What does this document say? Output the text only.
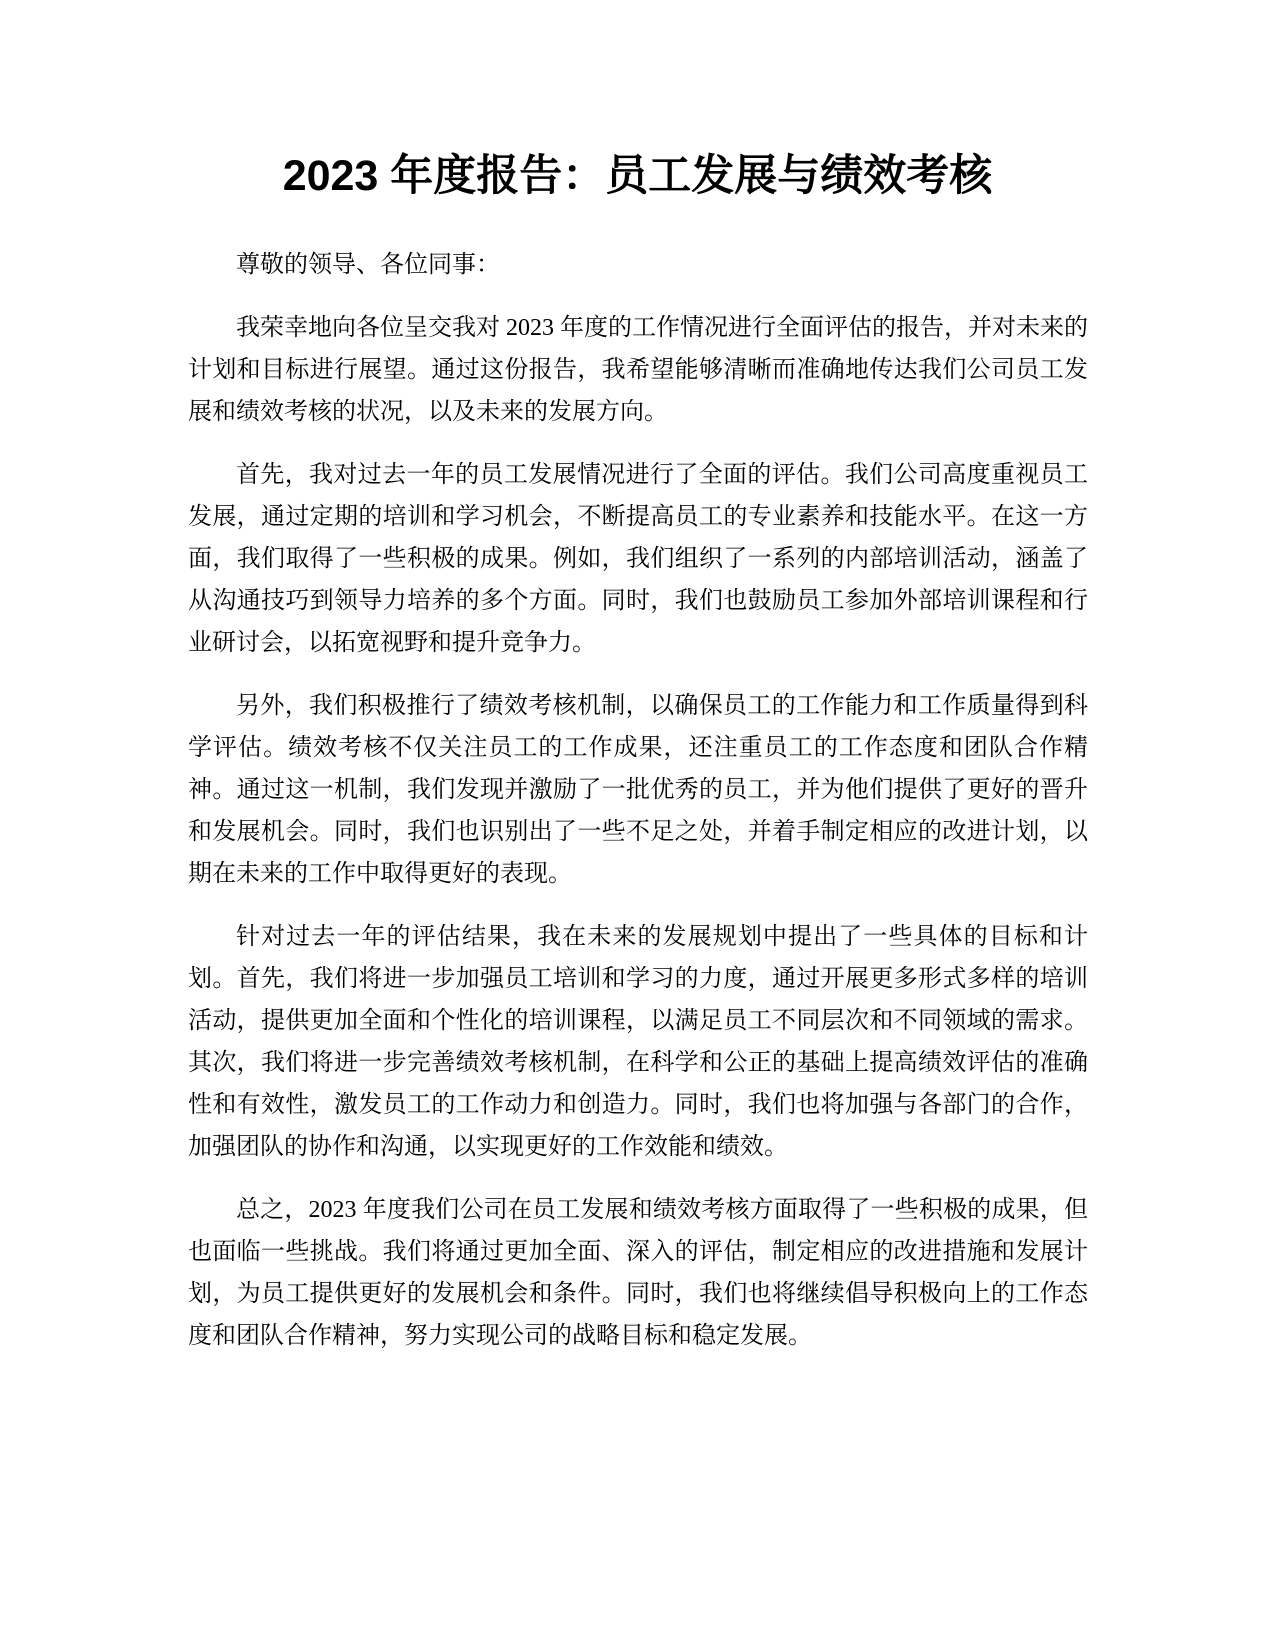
2023 年度报告：员工发展与绩效考核

尊敬的领导、各位同事：

我荣幸地向各位呈交我对 2023 年度的工作情况进行全面评估的报告，并对未来的计划和目标进行展望。通过这份报告，我希望能够清晰而准确地传达我们公司员工发展和绩效考核的状况，以及未来的发展方向。

首先，我对过去一年的员工发展情况进行了全面的评估。我们公司高度重视员工发展，通过定期的培训和学习机会，不断提高员工的专业素养和技能水平。在这一方面，我们取得了一些积极的成果。例如，我们组织了一系列的内部培训活动，涵盖了从沟通技巧到领导力培养的多个方面。同时，我们也鼓励员工参加外部培训课程和行业研讨会，以拓宽视野和提升竞争力。

另外，我们积极推行了绩效考核机制，以确保员工的工作能力和工作质量得到科学评估。绩效考核不仅关注员工的工作成果，还注重员工的工作态度和团队合作精神。通过这一机制，我们发现并激励了一批优秀的员工，并为他们提供了更好的晋升和发展机会。同时，我们也识别出了一些不足之处，并着手制定相应的改进计划，以期在未来的工作中取得更好的表现。

针对过去一年的评估结果，我在未来的发展规划中提出了一些具体的目标和计划。首先，我们将进一步加强员工培训和学习的力度，通过开展更多形式多样的培训活动，提供更加全面和个性化的培训课程，以满足员工不同层次和不同领域的需求。其次，我们将进一步完善绩效考核机制，在科学和公正的基础上提高绩效评估的准确性和有效性，激发员工的工作动力和创造力。同时，我们也将加强与各部门的合作，加强团队的协作和沟通，以实现更好的工作效能和绩效。

总之，2023 年度我们公司在员工发展和绩效考核方面取得了一些积极的成果，但也面临一些挑战。我们将通过更加全面、深入的评估，制定相应的改进措施和发展计划，为员工提供更好的发展机会和条件。同时，我们也将继续倡导积极向上的工作态度和团队合作精神，努力实现公司的战略目标和稳定发展。
